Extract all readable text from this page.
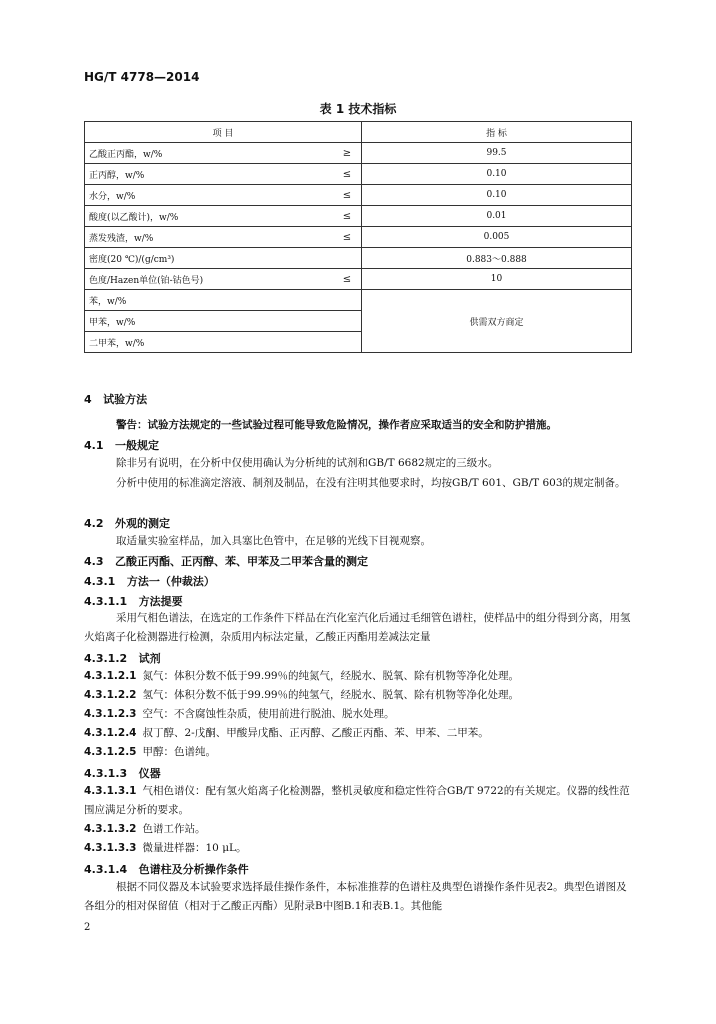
HG/T 4778—2014
表 1 技术指标
项 目		指 标
乙酸正丙酯，w/%	≥	99.5
正丙醇，w/%	≤	0.10
水分，w/%	≤	0.10
酸度(以乙酸计)，w/%	≤	0.01
蒸发残渣，w/%	≤	0.005
密度(20 ℃)/(g/cm³)		0.883～0.888
色度/Hazen单位(铂-钴色号)	≤	10
苯，w/%		供需双方商定
甲苯，w/%		
二甲苯，w/%		
4 试验方法
警告：试验方法规定的一些试验过程可能导致危险情况，操作者应采取适当的安全和防护措施。
4.1 一般规定
除非另有说明，在分析中仅使用确认为分析纯的试剂和GB/T 6682规定的三级水。
分析中使用的标准滴定溶液、制剂及制品，在没有注明其他要求时，均按GB/T 601、GB/T 603的规定制备。
4.2 外观的测定
取适量实验室样品，加入具塞比色管中，在足够的光线下目视观察。
4.3 乙酸正丙酯、正丙醇、苯、甲苯及二甲苯含量的测定
4.3.1 方法一（仲裁法）
4.3.1.1 方法提要
采用气相色谱法，在选定的工作条件下样品在汽化室汽化后通过毛细管色谱柱，使样品中的组分得到分离，用氢火焰离子化检测器进行检测，杂质用内标法定量，乙酸正丙酯用差减法定量
4.3.1.2 试剂
4.3.1.2.1 氮气：体积分数不低于99.99％的纯氮气，经脱水、脱氧、除有机物等净化处理。
4.3.1.2.2 氢气：体积分数不低于99.99％的纯氢气，经脱水、脱氧、除有机物等净化处理。
4.3.1.2.3 空气：不含腐蚀性杂质，使用前进行脱油、脱水处理。
4.3.1.2.4 叔丁醇、2-戊酮、甲酸异戊酯、正丙醇、乙酸正丙酯、苯、甲苯、二甲苯。
4.3.1.2.5 甲醇：色谱纯。
4.3.1.3 仪器
4.3.1.3.1 气相色谱仪：配有氢火焰离子化检测器，整机灵敏度和稳定性符合GB/T 9722的有关规定。仪器的线性范围应满足分析的要求。
4.3.1.3.2 色谱工作站。
4.3.1.3.3 微量进样器：10 μL。
4.3.1.4 色谱柱及分析操作条件
根据不同仪器及本试验要求选择最佳操作条件，本标准推荐的色谱柱及典型色谱操作条件见表2。典型色谱图及各组分的相对保留值（相对于乙酸正丙酯）见附录B中图B.1和表B.1。其他能
2
